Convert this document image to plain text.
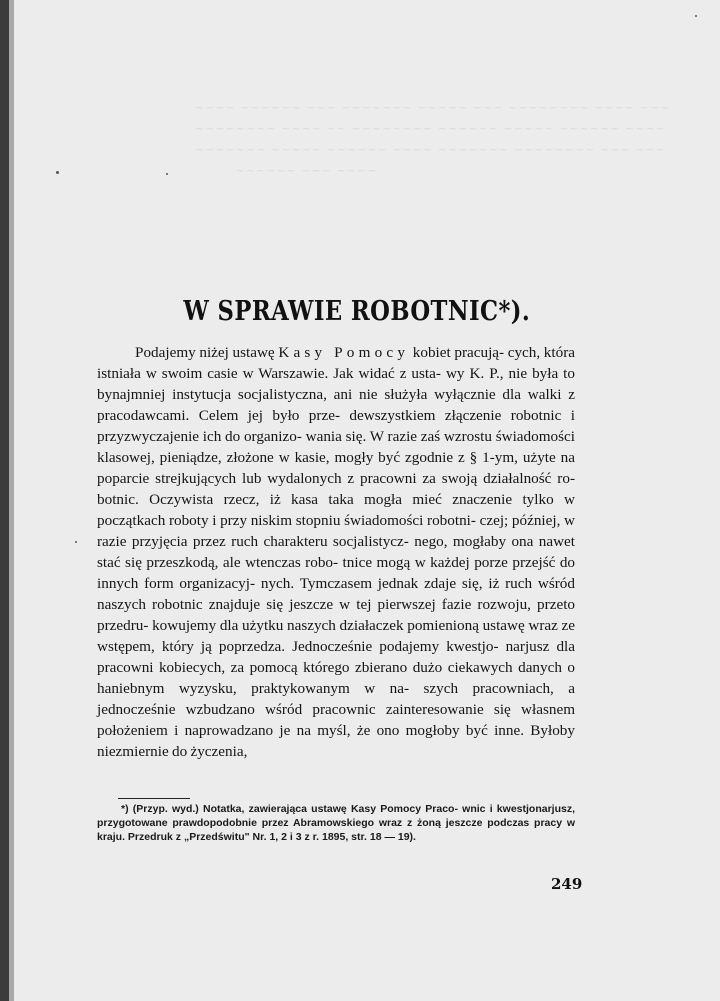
~~~~ ~~~~~~ ~~~ ~~~~~~~ ~~~~~ ~~~ ~~~~~~~~ ~~~~ ~~~
~~~~~~~~ ~~~~ ~~ ~~~~~~~~ ~~~~~~ ~~~~~ ~~~~~~ ~~~~
~~~~~~~ ~~~~~ ~~~~~~ ~~~~ ~~~~~~~ ~~~~~~~~ ~~~ ~~~
~~~~~~ ~~~ ~~~~
W SPRAWIE ROBOTNIC*).
Podajemy niżej ustawę Kasy Pomocy kobiet pracują- cych, która istniała w swoim casie w Warszawie. Jak widać z usta- wy K. P., nie była to bynajmniej instytucja socjalistyczna, ani nie służyła wyłącznie dla walki z pracodawcami. Celem jej było prze- dewszystkiem złączenie robotnic i przyzwyczajenie ich do organizo- wania się. W razie zaś wzrostu świadomości klasowej, pieniądze, złożone w kasie, mogły być zgodnie z § 1-ym, użyte na poparcie strejkujących lub wydalonych z pracowni za swoją działalność ro- botnic. Oczywista rzecz, iż kasa taka mogła mieć znaczenie tylko w początkach roboty i przy niskim stopniu świadomości robotni- czej; później, w razie przyjęcia przez ruch charakteru socjalistycz- nego, mogłaby ona nawet stać się przeszkodą, ale wtenczas robo- tnice mogą w każdej porze przejść do innych form organizacyj- nych. Tymczasem jednak zdaje się, iż ruch wśród naszych robotnic znajduje się jeszcze w tej pierwszej fazie rozwoju, przeto przedru- kowujemy dla użytku naszych działaczek pomienioną ustawę wraz ze wstępem, który ją poprzedza. Jednocześnie podajemy kwestjo- narjusz dla pracowni kobiecych, za pomocą którego zbierano dużo ciekawych danych o haniebnym wyzysku, praktykowanym w na- szych pracowniach, a jednocześnie wzbudzano wśród pracownic zainteresowanie się własnem położeniem i naprowadzano je na myśl, że ono mogłoby być inne. Byłoby niezmiernie do życzenia,
*) (Przyp. wyd.) Notatka, zawierająca ustawę Kasy Pomocy Praco- wnic i kwestjonarjusz, przygotowane prawdopodobnie przez Abramowskiego wraz z żoną jeszcze podczas pracy w kraju. Przedruk z „Przedświtu" Nr. 1, 2 i 3 z r. 1895, str. 18 — 19).
249
